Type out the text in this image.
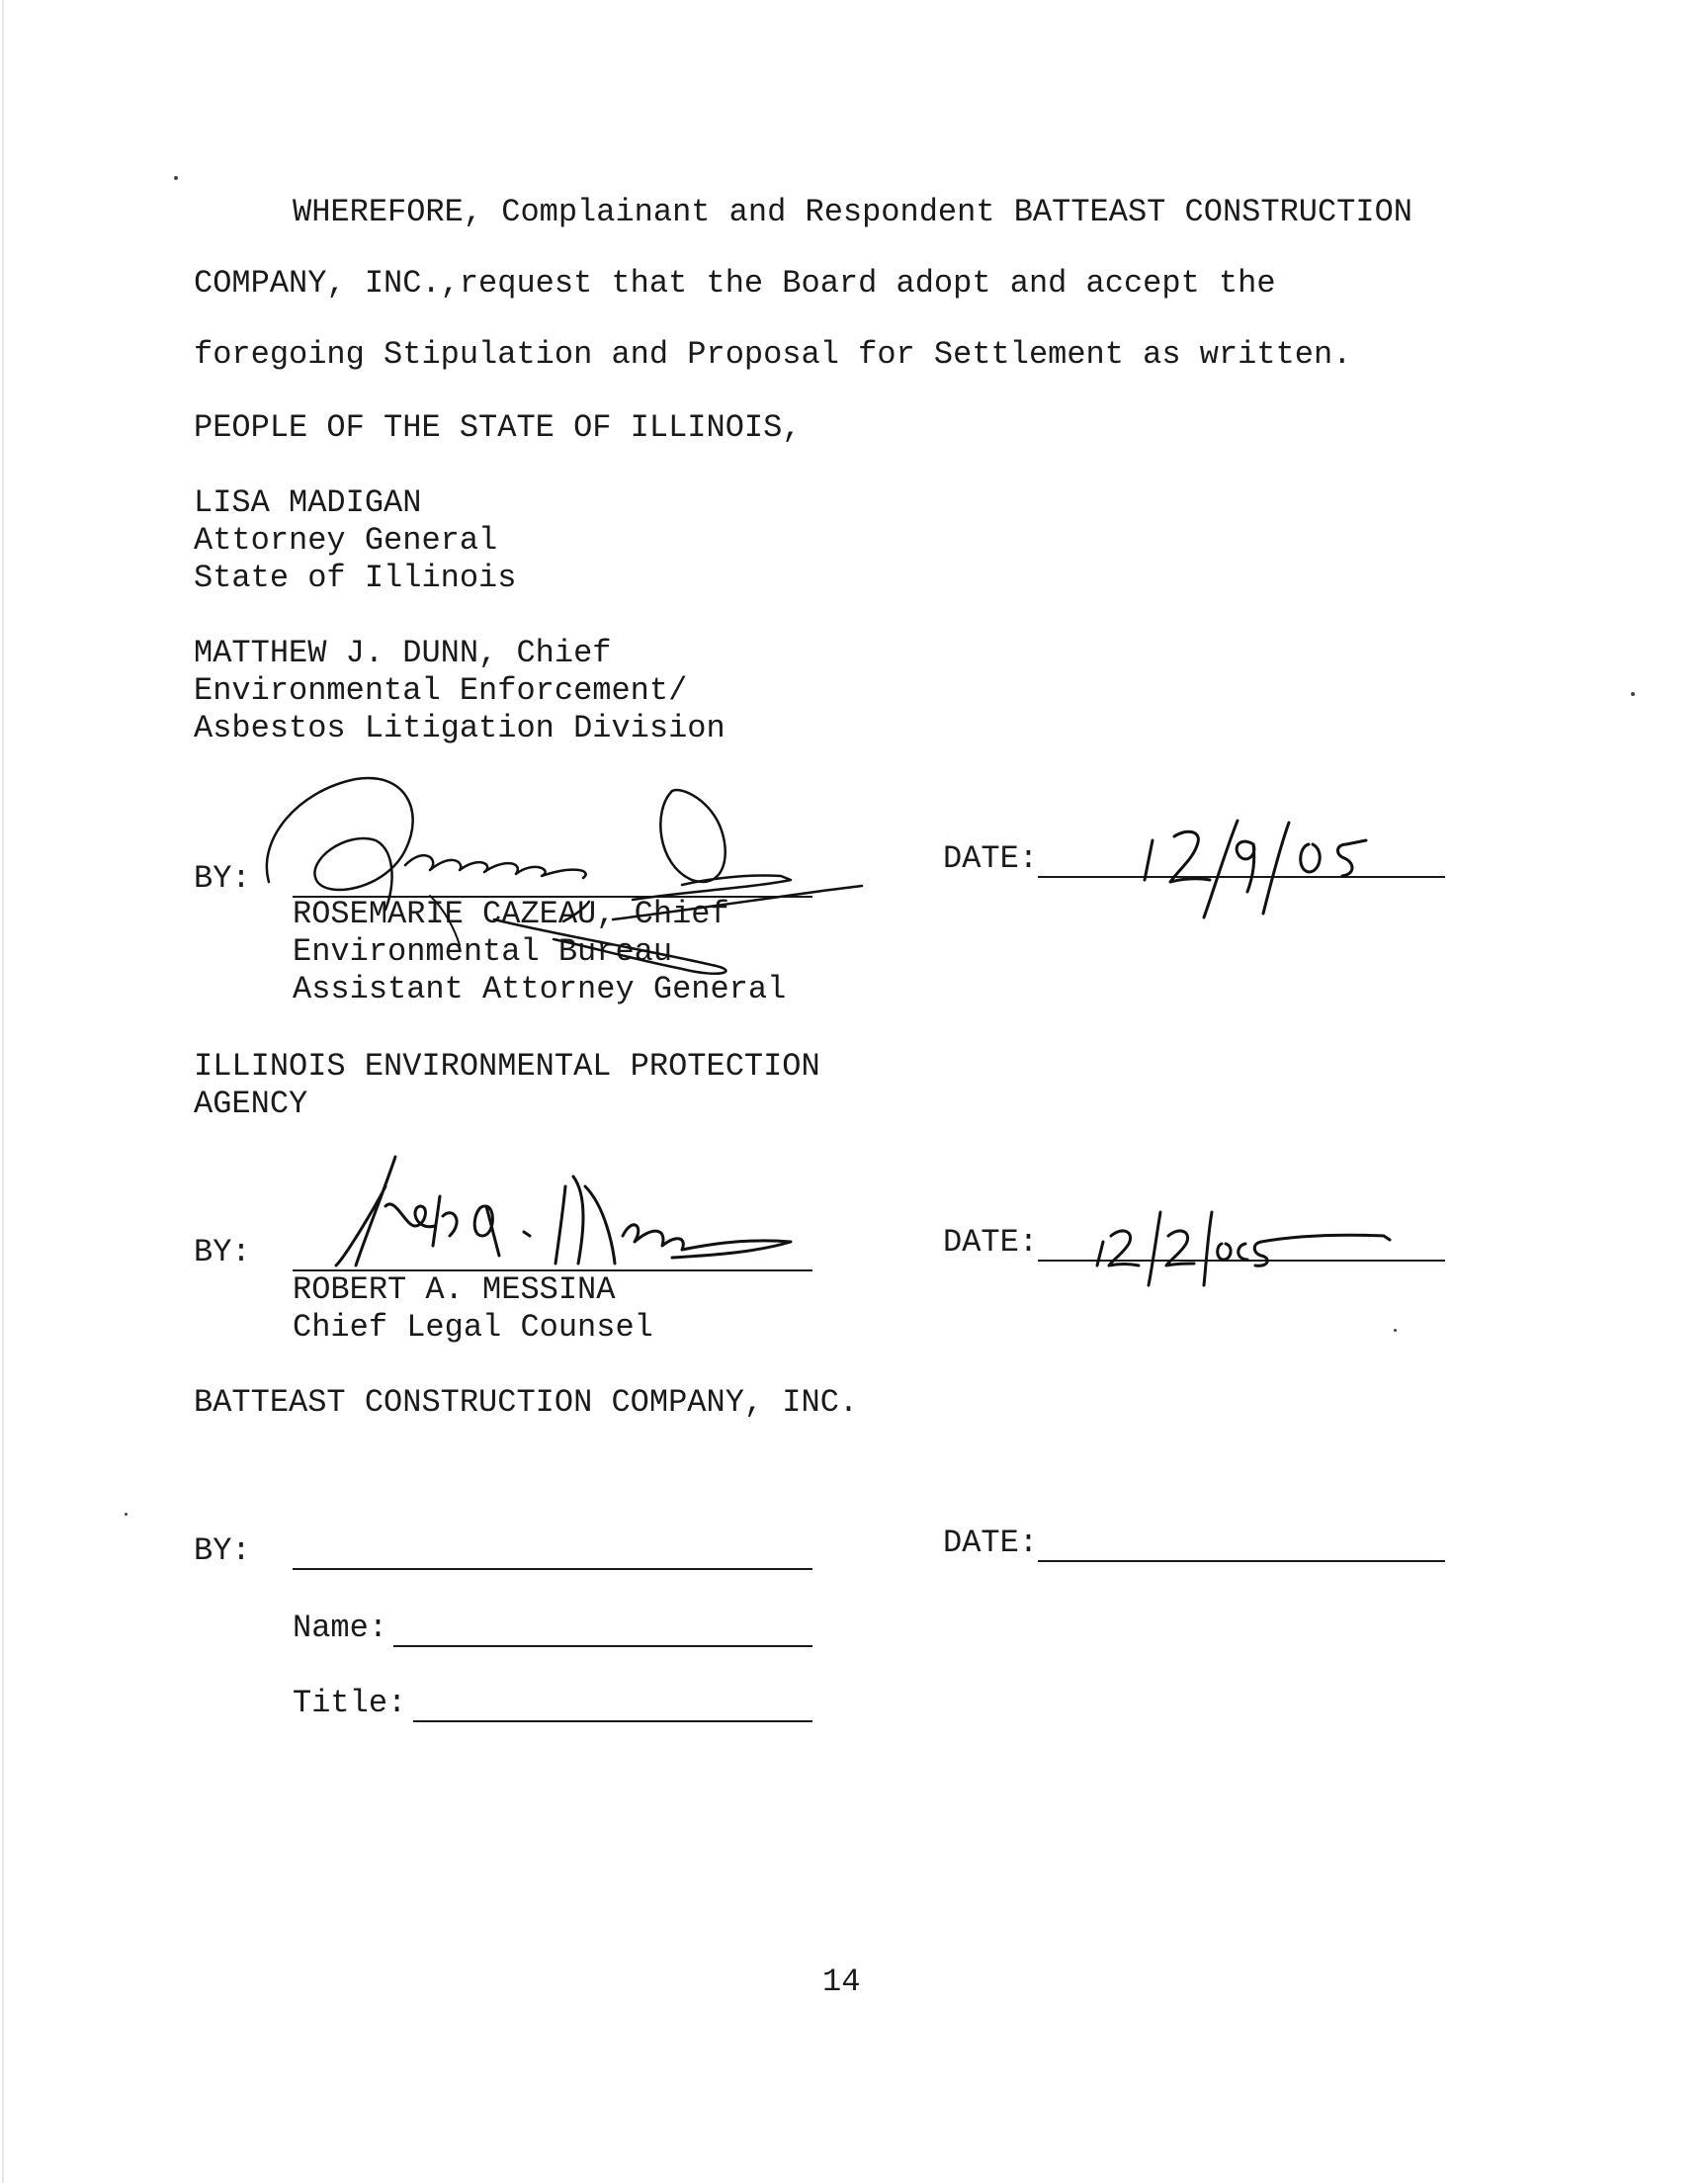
WHEREFORE, Complainant and Respondent BATTEAST CONSTRUCTION

COMPANY, INC.,request that the Board adopt and accept the

foregoing Stipulation and Proposal for Settlement as written.

PEOPLE OF THE STATE OF ILLINOIS,

LISA MADIGAN

Attorney General

State of Illinois

MATTHEW J. DUNN, Chief

Environmental Enforcement/

Asbestos Litigation Division

BY:

ROSEMARIE CAZEAU, Chief

Environmental Bureau

Assistant Attorney General

DATE:

ILLINOIS ENVIRONMENTAL PROTECTION

AGENCY

BY:

ROBERT A. MESSINA

Chief Legal Counsel

DATE:

BATTEAST CONSTRUCTION COMPANY, INC.

BY:	DATE:

Name:

Title:

14
